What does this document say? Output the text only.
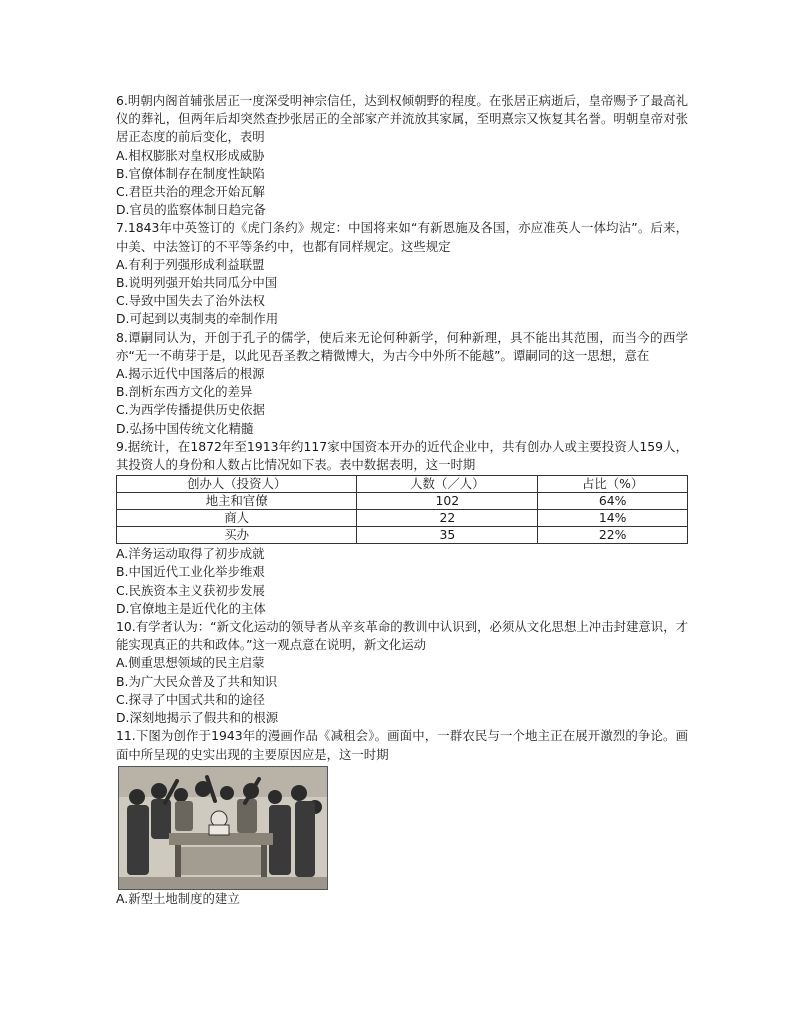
6.明朝内阁首辅张居正一度深受明神宗信任，达到权倾朝野的程度。在张居正病逝后，皇帝赐予了最高礼仪的葬礼，但两年后却突然查抄张居正的全部家产并流放其家属，至明熹宗又恢复其名誉。明朝皇帝对张居正态度的前后变化，表明

A.相权膨胀对皇权形成威胁

B.官僚体制存在制度性缺陷

C.君臣共治的理念开始瓦解

D.官员的监察体制日趋完备

7.1843年中英签订的《虎门条约》规定：中国将来如“有新恩施及各国，亦应准英人一体均沾”。后来，中美、中法签订的不平等条约中，也都有同样规定。这些规定

A.有利于列强形成利益联盟

B.说明列强开始共同瓜分中国

C.导致中国失去了治外法权

D.可起到以夷制夷的牵制作用

8.谭嗣同认为，开创于孔子的儒学，使后来无论何种新学，何种新理，具不能出其范围，而当今的西学亦“无一不萌芽于是，以此见吾圣教之精微博大，为古今中外所不能越”。谭嗣同的这一思想，意在

A.揭示近代中国落后的根源

B.剖析东西方文化的差异

C.为西学传播提供历史依据

D.弘扬中国传统文化精髓

9.据统计，在1872年至1913年约117家中国资本开办的近代企业中，共有创办人或主要投资人159人，其投资人的身份和人数占比情况如下表。表中数据表明，这一时期

创办人（投资人）	人数（／人）	占比（%）
地主和官僚	102	64%
商人	22	14%
买办	35	22%

A.洋务运动取得了初步成就

B.中国近代工业化举步维艰

C.民族资本主义获初步发展

D.官僚地主是近代化的主体

10.有学者认为：“新文化运动的领导者从辛亥革命的教训中认识到，必须从文化思想上冲击封建意识，才能实现真正的共和政体。”这一观点意在说明，新文化运动

A.侧重思想领域的民主启蒙

B.为广大民众普及了共和知识

C.探寻了中国式共和的途径

D.深刻地揭示了假共和的根源

11.下图为创作于1943年的漫画作品《减租会》。画面中，一群农民与一个地主正在展开激烈的争论。画面中所呈现的史实出现的主要原因应是，这一时期

A.新型土地制度的建立
